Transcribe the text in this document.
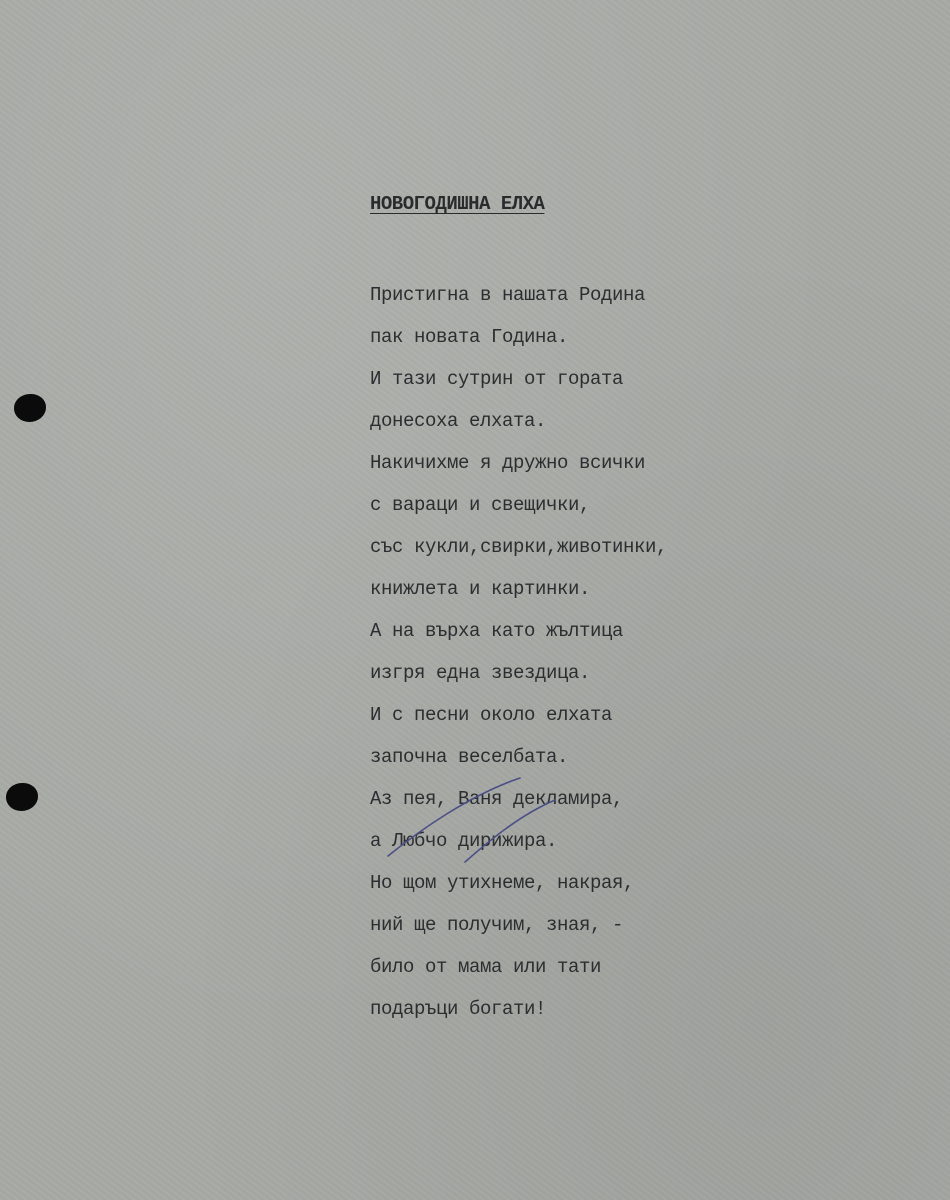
НОВОГОДИШНА ЕЛХА
Пристигна в нашата Родина
пак новата Година.
И тази сутрин от гората
донесоха елхата.
Накичихме я дружно всички
с вараци и свещички,
със кукли,свирки,животинки,
книжлета и картинки.
А на върха като жълтица
изгря една звездица.
И с песни около елхата
започна веселбата.
Аз пея, Ваня декламира,
а Любчо дирижира.
Но щом утихнеме, накрая,
ний ще получим, зная, -
било от мама или тати
подаръци богати!
